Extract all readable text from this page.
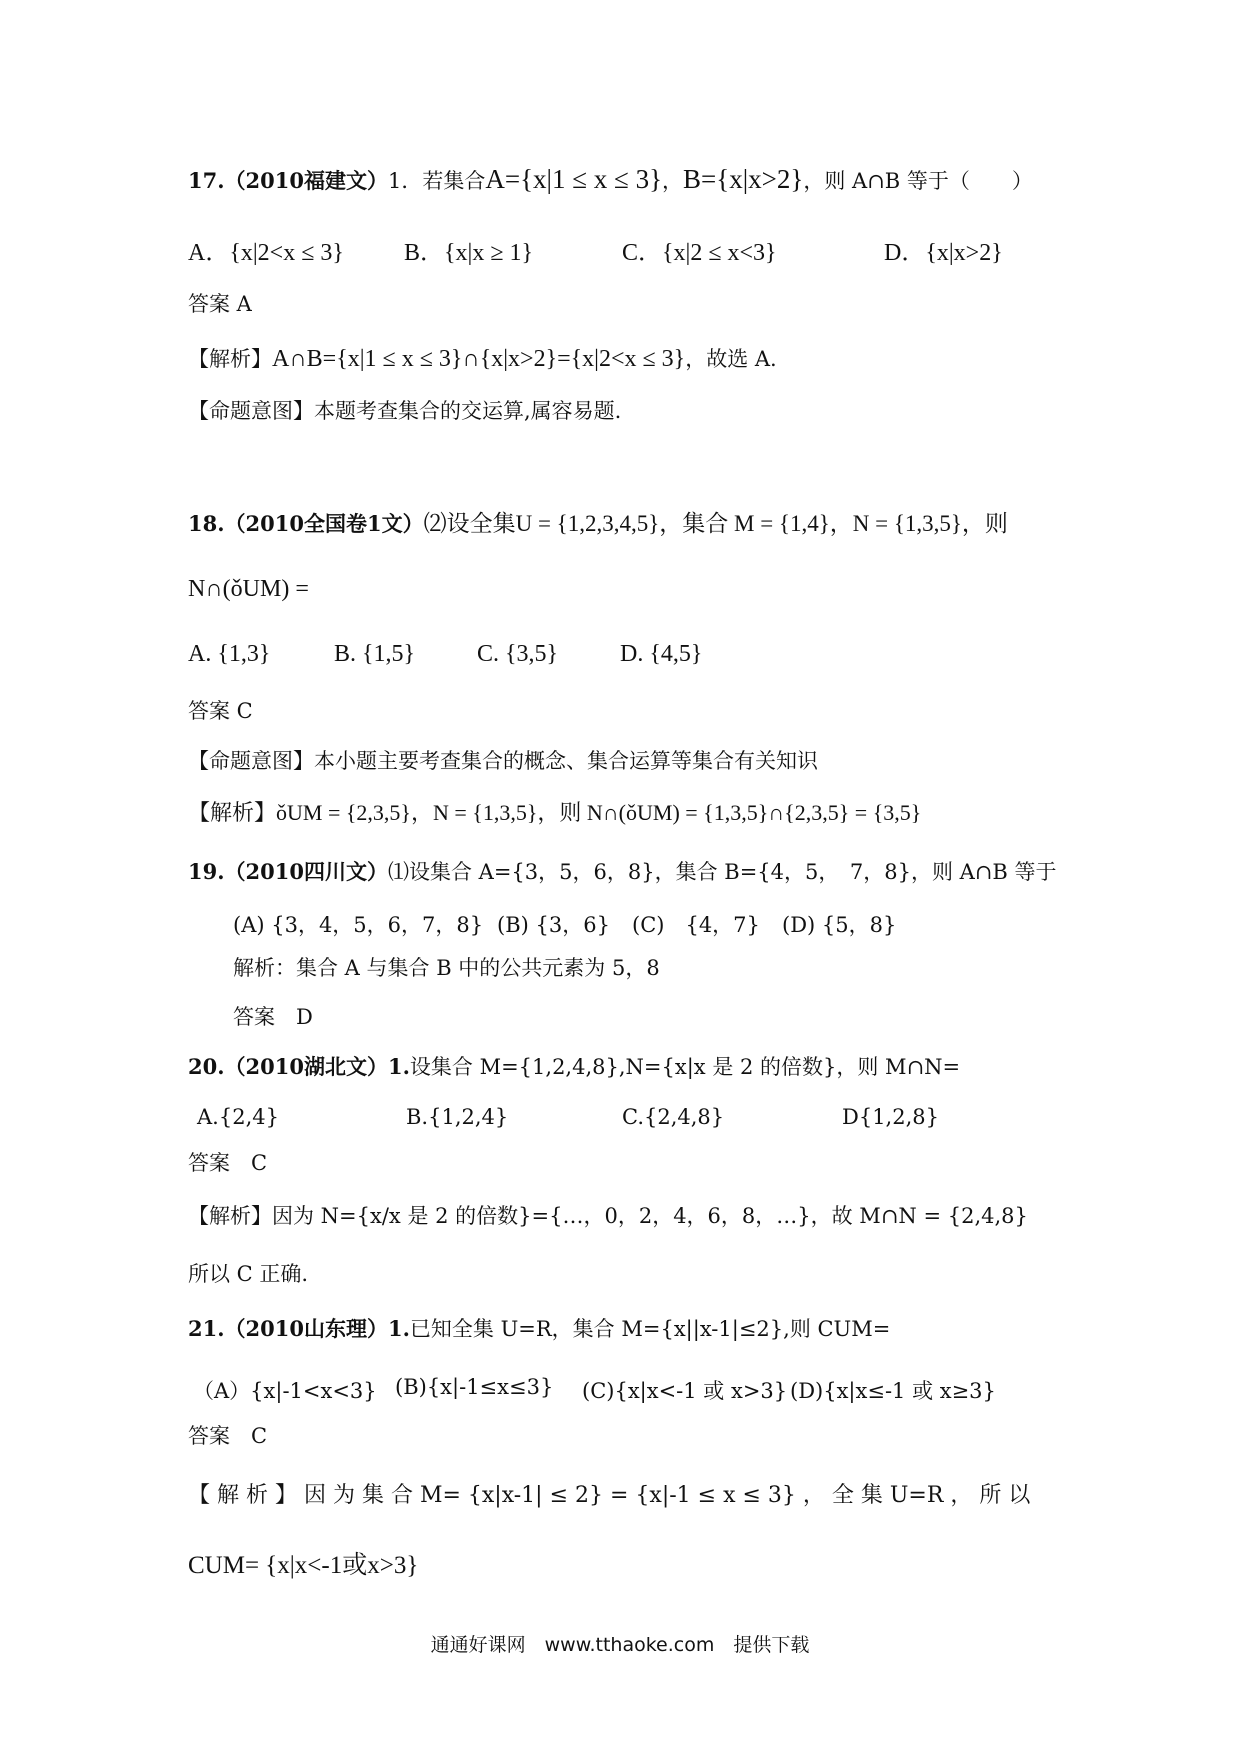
17.（2010福建文）1．若集合A={x|1 ≤ x ≤ 3}，B={x|x>2}，则 A∩B 等于（　　）
A．{x|2<x ≤ 3}	B．{x|x ≥ 1}	C．{x|2 ≤ x<3}	D．{x|x>2}
答案 A
【解析】A∩B={x|1 ≤ x ≤ 3}∩{x|x>2}={x|2<x ≤ 3}，故选 A.
【命题意图】本题考查集合的交运算,属容易题.
18.（2010全国卷1文）⑵设全集U = {1,2,3,4,5}，集合 M = {1,4}，N = {1,3,5}，则
N∩(ǒUM) =
A. {1,3}	B. {1,5}	C. {3,5}	D. {4,5}
答案 C
【命题意图】本小题主要考查集合的概念、集合运算等集合有关知识
【解析】ǒUM = {2,3,5}，N = {1,3,5}，则 N∩(ǒUM) = {1,3,5}∩{2,3,5} = {3,5}
19.（2010四川文）⑴设集合 A={3，5，6，8}，集合 B={4，5，　7，8}，则 A∩B 等于
(A) {3，4，5，6，7，8} (B) {3，6} (C)　{4，7} (D) {5，8}
解析：集合 A 与集合 B 中的公共元素为 5，8
答案　D
20.（2010湖北文）1.设集合 M={1,2,4,8},N={x|x 是 2 的倍数}，则 M∩N=
A.{2,4}	B.{1,2,4}	C.{2,4,8}	D{1,2,8}
答案　C
【解析】因为 N={x/x 是 2 的倍数}={…，0，2，4，6，8，…}，故 M∩N = {2,4,8}
所以 C 正确.
21.（2010山东理）1.已知全集 U=R，集合 M={x||x-1|≤2},则 CUM=
（A）{x|-1<x<3} (B){x|-1≤x≤3} (C){x|x<-1 或 x>3} (D){x|x≤-1 或 x≥3}
答案　C
【 解 析 】 因 为 集 合 M= {x|x-1| ≤ 2} = {x|-1 ≤ x ≤ 3} ， 全 集 U=R ， 所 以
CUM= {x|x<-1或x>3}
通通好课网　www.tthaoke.com　提供下载
